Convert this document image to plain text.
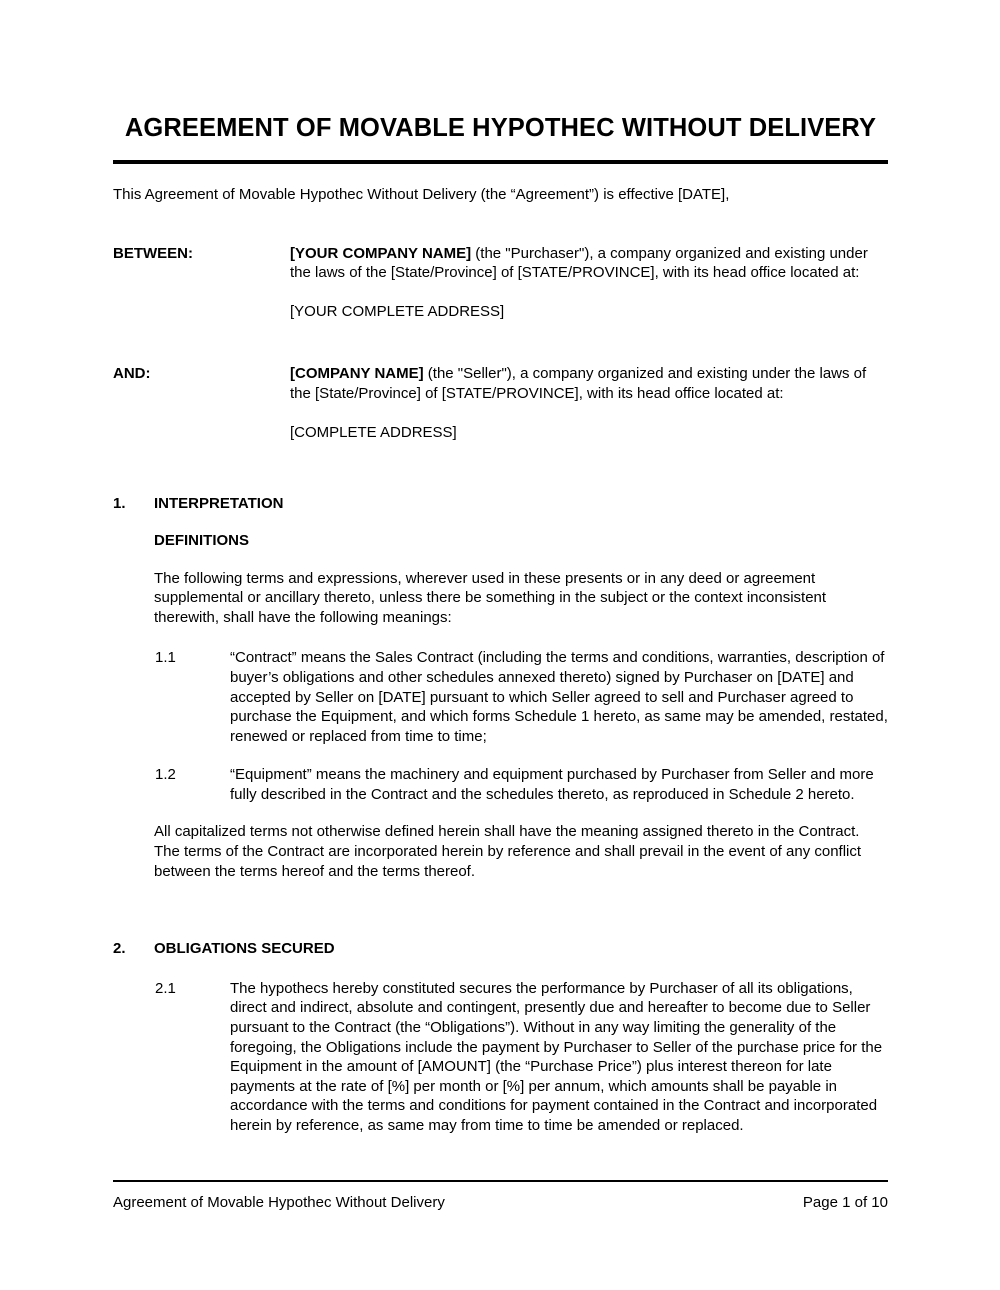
AGREEMENT OF MOVABLE HYPOTHEC WITHOUT DELIVERY

This Agreement of Movable Hypothec Without Delivery (the “Agreement”) is effective [DATE],

BETWEEN:	[YOUR COMPANY NAME] (the "Purchaser"), a company organized and existing under the laws of the [State/Province] of [STATE/PROVINCE], with its head office located at:

[YOUR COMPLETE ADDRESS]

AND:	[COMPANY NAME] (the "Seller"), a company organized and existing under the laws of the [State/Province] of [STATE/PROVINCE], with its head office located at:

[COMPLETE ADDRESS]

1.	INTERPRETATION
DEFINITIONS

The following terms and expressions, wherever used in these presents or in any deed or agreement supplemental or ancillary thereto, unless there be something in the subject or the context inconsistent therewith, shall have the following meanings:

1.1	“Contract” means the Sales Contract (including the terms and conditions, warranties, description of buyer’s obligations and other schedules annexed thereto) signed by Purchaser on [DATE] and accepted by Seller on [DATE] pursuant to which Seller agreed to sell and Purchaser agreed to purchase the Equipment, and which forms Schedule 1 hereto, as same may be amended, restated, renewed or replaced from time to time;
1.2	“Equipment” means the machinery and equipment purchased by Purchaser from Seller and more fully described in the Contract and the schedules thereto, as reproduced in Schedule 2 hereto.

All capitalized terms not otherwise defined herein shall have the meaning assigned thereto in the Contract. The terms of the Contract are incorporated herein by reference and shall prevail in the event of any conflict between the terms hereof and the terms thereof.

2.	OBLIGATIONS SECURED
2.1	The hypothecs hereby constituted secures the performance by Purchaser of all its obligations, direct and indirect, absolute and contingent, presently due and hereafter to become due to Seller pursuant to the Contract (the “Obligations”). Without in any way limiting the generality of the foregoing, the Obligations include the payment by Purchaser to Seller of the purchase price for the Equipment in the amount of [AMOUNT] (the “Purchase Price”) plus interest thereon for late payments at the rate of [%] per month or [%] per annum, which amounts shall be payable in accordance with the terms and conditions for payment contained in the Contract and incorporated herein by reference, as same may from time to time be amended or replaced.
Agreement of Movable Hypothec Without Delivery	Page 1 of 10
